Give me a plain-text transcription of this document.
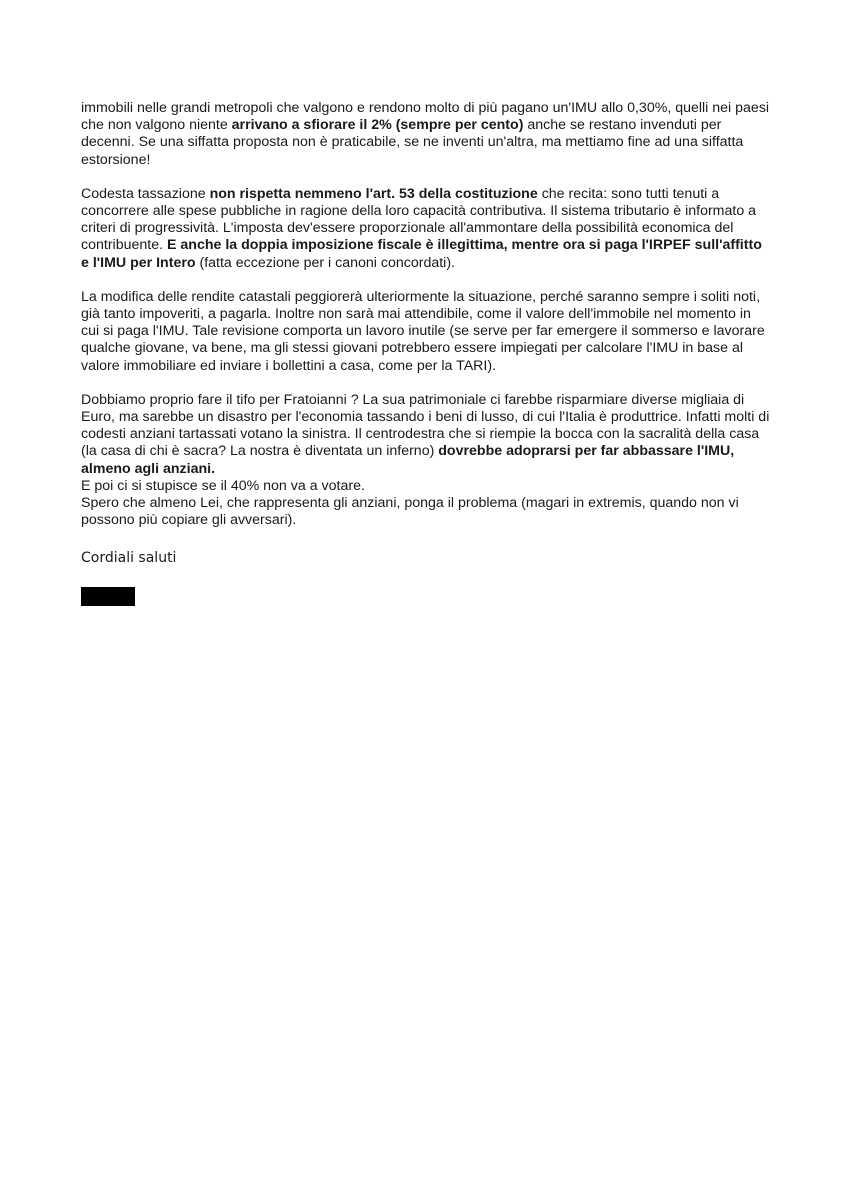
immobili nelle grandi metropoli che valgono e rendono molto di più pagano un'IMU allo 0,30%, quelli nei paesi che non valgono niente arrivano a sfiorare il 2% (sempre per cento) anche se restano invenduti per decenni. Se una siffatta proposta non è praticabile, se ne inventi un'altra, ma mettiamo fine ad una siffatta estorsione!

Codesta tassazione non rispetta nemmeno l'art. 53 della costituzione che recita: sono tutti tenuti a concorrere alle spese pubbliche in ragione della loro capacità contributiva. Il sistema tributario è informato a criteri di progressività. L'imposta dev'essere proporzionale all'ammontare della possibilità economica del contribuente. E anche la doppia imposizione fiscale è illegittima, mentre ora si paga l'IRPEF sull'affitto e l'IMU per Intero (fatta eccezione per i canoni concordati).

La modifica delle rendite catastali peggiorerà ulteriormente la situazione, perché saranno sempre i soliti noti, già tanto impoveriti, a pagarla. Inoltre non sarà mai attendibile, come il valore dell'immobile nel momento in cui si paga l'IMU. Tale revisione comporta un lavoro inutile (se serve per far emergere il sommerso e lavorare qualche giovane, va bene, ma gli stessi giovani potrebbero essere impiegati per calcolare l'IMU in base al valore immobiliare ed inviare i bollettini a casa, come per la TARI).

Dobbiamo proprio fare il tifo per Fratoianni ? La sua patrimoniale ci farebbe risparmiare diverse migliaia di Euro, ma sarebbe un disastro per l'economia tassando i beni di lusso, di cui l'Italia è produttrice. Infatti molti di codesti anziani tartassati votano la sinistra. Il centrodestra che si riempie la bocca con la sacralità della casa (la casa di chi è sacra? La nostra è diventata un inferno) dovrebbe adoprarsi per far abbassare l'IMU, almeno agli anziani.
E poi ci si stupisce se il 40% non va a votare.
Spero che almeno Lei, che rappresenta gli anziani, ponga il problema (magari in extremis, quando non vi possono più copiare gli avversari).

Cordiali saluti
